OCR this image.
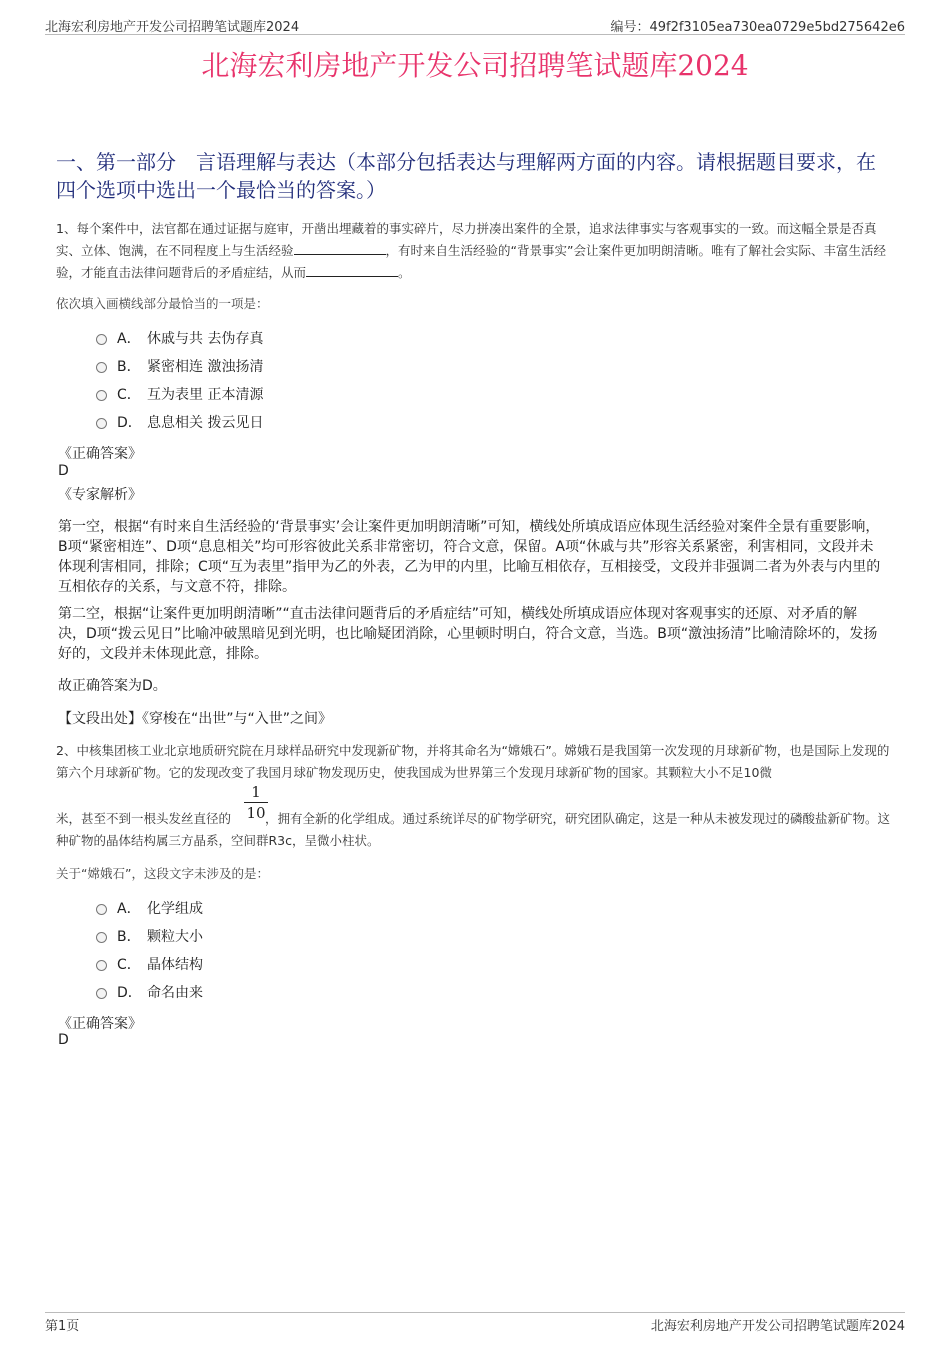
北海宏利房地产开发公司招聘笔试题库2024	编号：49f2f3105ea730ea0729e5bd275642e6
北海宏利房地产开发公司招聘笔试题库2024
一、第一部分　言语理解与表达（本部分包括表达与理解两方面的内容。请根据题目要求，在四个选项中选出一个最恰当的答案。）
1、每个案件中，法官都在通过证据与庭审，开凿出埋藏着的事实碎片，尽力拼凑出案件的全景，追求法律事实与客观事实的一致。而这幅全景是否真实、立体、饱满，在不同程度上与生活经验	，有时来自生活经验的“背景事实”会让案件更加明朗清晰。唯有了解社会实际、丰富生活经验，才能直击法律问题背后的矛盾症结，从而	。
依次填入画横线部分最恰当的一项是：
A． 休戚与共 去伪存真
B． 紧密相连 激浊扬清
C． 互为表里 正本清源
D． 息息相关 拨云见日
《正确答案》
D
《专家解析》
第一空，根据“有时来自生活经验的‘背景事实’会让案件更加明朗清晰”可知，横线处所填成语应体现生活经验对案件全景有重要影响，B项“紧密相连”、D项“息息相关”均可形容彼此关系非常密切，符合文意，保留。A项“休戚与共”形容关系紧密，利害相同，文段并未体现利害相同，排除；C项“互为表里”指甲为乙的外表，乙为甲的内里，比喻互相依存，互相接受，文段并非强调二者为外表与内里的互相依存的关系，与文意不符，排除。
第二空，根据“让案件更加明朗清晰”“直击法律问题背后的矛盾症结”可知，横线处所填成语应体现对客观事实的还原、对矛盾的解决，D项“拨云见日”比喻冲破黑暗见到光明，也比喻疑团消除，心里顿时明白，符合文意，当选。B项“激浊扬清”比喻清除坏的，发扬好的，文段并未体现此意，排除。
故正确答案为D。
【文段出处】《穿梭在“出世”与“入世”之间》
2、中核集团核工业北京地质研究院在月球样品研究中发现新矿物，并将其命名为“嫦娥石”。嫦娥石是我国第一次发现的月球新矿物，也是国际上发现的第六个月球新矿物。它的发现改变了我国月球矿物发现历史，使我国成为世界第三个发现月球新矿物的国家。其颗粒大小不足10微
$\frac{1}{10}$
米，甚至不到一根头发丝直径的	，拥有全新的化学组成。通过系统详尽的矿物学研究，研究团队确定，这是一种从未被发现过的磷酸盐新矿物。这种矿物的晶体结构属三方晶系，空间群R3c，呈微小柱状。
关于“嫦娥石”，这段文字未涉及的是：
A． 化学组成
B． 颗粒大小
C． 晶体结构
D． 命名由来
《正确答案》
D
第1页	北海宏利房地产开发公司招聘笔试题库2024
